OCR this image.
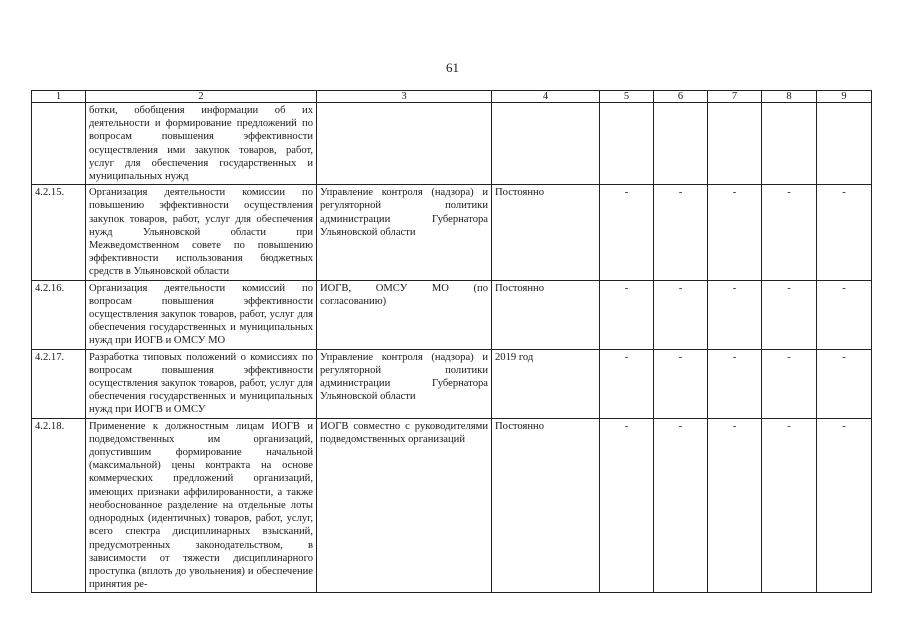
61
1	2	3	4	5	6	7	8	9
	ботки, обобщения информации об их деятельности и формирование предложений по вопросам повышения эффективности осуществления ими закупок товаров, работ, услуг для обеспечения государственных и муниципальных нужд							
4.2.15.	Организация деятельности комиссии по повышению эффективности осуществления закупок товаров, работ, услуг для обеспечения нужд Ульяновской области при Межведомственном совете по повышению эффективности использования бюджетных средств в Ульяновской области	Управление контроля (надзора) и регуляторной политики администрации Губернатора Ульяновской области	Постоянно	-	-	-	-	-
4.2.16.	Организация деятельности комиссий по вопросам повышения эффективности осуществления закупок товаров, работ, услуг для обеспечения государственных и муниципальных нужд при ИОГВ и ОМСУ МО	ИОГВ, ОМСУ МО (по согласованию)	Постоянно	-	-	-	-	-
4.2.17.	Разработка типовых положений о комиссиях по вопросам повышения эффективности осуществления закупок товаров, работ, услуг для обеспечения государственных и муниципальных нужд при ИОГВ и ОМСУ	Управление контроля (надзора) и регуляторной политики администрации Губернатора Ульяновской области	2019 год	-	-	-	-	-
4.2.18.	Применение к должностным лицам ИОГВ и подведомственных им организаций, допустившим формирование начальной (максимальной) цены контракта на основе коммерческих предложений организаций, имеющих признаки аффилированности, а также необоснованное разделение на отдельные лоты однородных (идентичных) товаров, работ, услуг, всего спектра дисциплинарных взысканий, предусмотренных законодательством, в зависимости от тяжести дисциплинарного проступка (вплоть до увольнения) и обеспечение принятия ре-	ИОГВ совместно с руководителями подведомственных организаций	Постоянно	-	-	-	-	-
